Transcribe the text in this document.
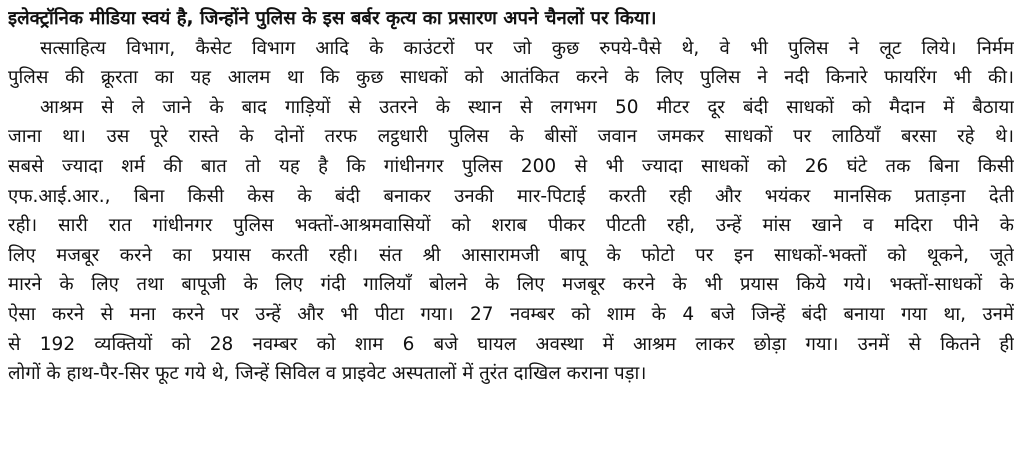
इलेक्ट्रॉनिक मीडिया स्वयं है, जिन्होंने पुलिस के इस बर्बर कृत्य का प्रसारण अपने चैनलों पर किया।
सत्साहित्य विभाग, कैसेट विभाग आदि के काउंटरों पर जो कुछ रुपये-पैसे थे, वे भी पुलिस ने लूट लिये। निर्मम
पुलिस की क्रूरता का यह आलम था कि कुछ साधकों को आतंकित करने के लिए पुलिस ने नदी किनारे फायरिंग भी की।
आश्रम से ले जाने के बाद गाड़ियों से उतरने के स्थान से लगभग 50 मीटर दूर बंदी साधकों को मैदान में बैठाया
जाना था। उस पूरे रास्ते के दोनों तरफ लट्ठधारी पुलिस के बीसों जवान जमकर साधकों पर लाठियाँ बरसा रहे थे।
सबसे ज्यादा शर्म की बात तो यह है कि गांधीनगर पुलिस 200 से भी ज्यादा साधकों को 26 घंटे तक बिना किसी
एफ.आई.आर., बिना किसी केस के बंदी बनाकर उनकी मार-पिटाई करती रही और भयंकर मानसिक प्रताड़ना देती
रही। सारी रात गांधीनगर पुलिस भक्तों-आश्रमवासियों को शराब पीकर पीटती रही, उन्हें मांस खाने व मदिरा पीने के
लिए मजबूर करने का प्रयास करती रही। संत श्री आसारामजी बापू के फोटो पर इन साधकों-भक्तों को थूकने, जूते
मारने के लिए तथा बापूजी के लिए गंदी गालियाँ बोलने के लिए मजबूर करने के भी प्रयास किये गये। भक्तों-साधकों के
ऐसा करने से मना करने पर उन्हें और भी पीटा गया। 27 नवम्बर को शाम के 4 बजे जिन्हें बंदी बनाया गया था, उनमें
से 192 व्यक्तियों को 28 नवम्बर को शाम 6 बजे घायल अवस्था में आश्रम लाकर छोड़ा गया। उनमें से कितने ही
लोगों के हाथ-पैर-सिर फूट गये थे, जिन्हें सिविल व प्राइवेट अस्पतालों में तुरंत दाखिल कराना पड़ा।
